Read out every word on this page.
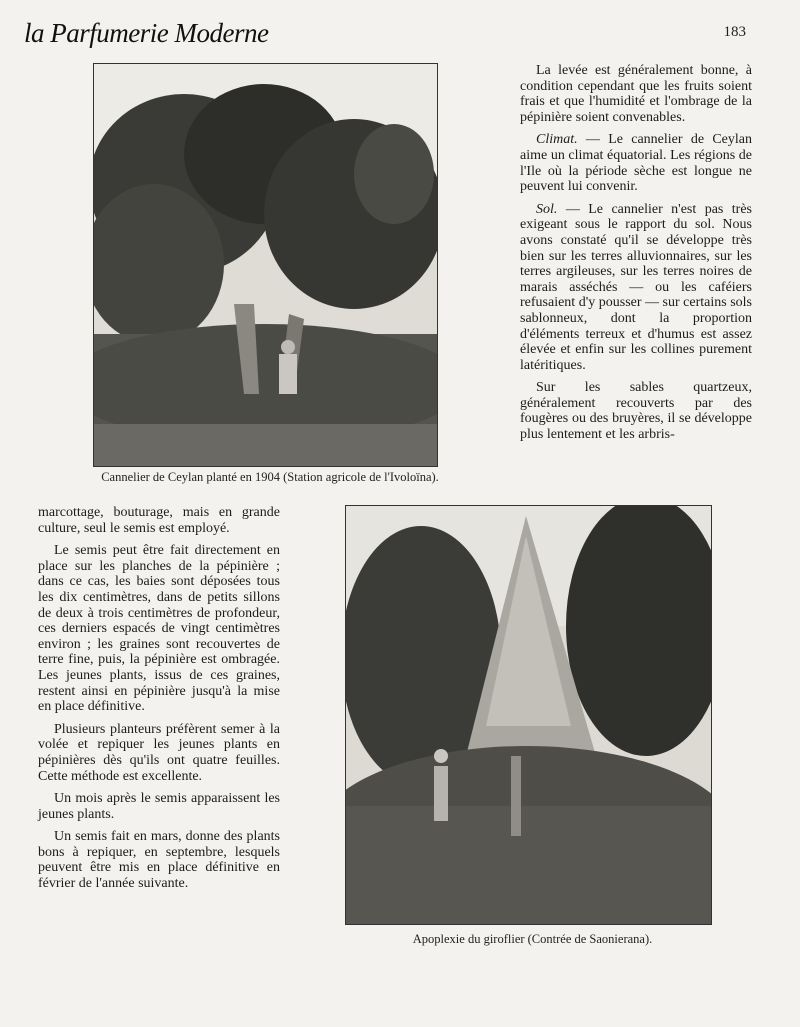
la Parfumerie Moderne	183
Cannelier de Ceylan planté en 1904 (Station agricole de l'Ivoloïna).

La levée est généralement bonne, à condition cependant que les fruits soient frais et que l'humidité et l'ombrage de la pépinière soient convenables.

Climat. — Le cannelier de Ceylan aime un climat équatorial. Les régions de l'Ile où la période sèche est longue ne peuvent lui convenir.

Sol. — Le cannelier n'est pas très exigeant sous le rapport du sol. Nous avons constaté qu'il se développe très bien sur les terres alluvionnaires, sur les terres argileuses, sur les terres noires de marais asséchés — ou les caféiers refusaient d'y pousser — sur certains sols sablonneux, dont la proportion d'éléments terreux et d'humus est assez élevée et enfin sur les collines purement latéritiques.

Sur les sables quartzeux, généralement recouverts par des fougères ou des bruyères, il se développe plus lentement et les arbris-

marcottage, bouturage, mais en grande culture, seul le semis est employé.

Le semis peut être fait directement en place sur les planches de la pépinière ; dans ce cas, les baies sont déposées tous les dix centimètres, dans de petits sillons de deux à trois centimètres de profondeur, ces derniers espacés de vingt centimètres environ ; les graines sont recouvertes de terre fine, puis, la pépinière est ombragée. Les jeunes plants, issus de ces graines, restent ainsi en pépinière jusqu'à la mise en place définitive.

Plusieurs planteurs préfèrent semer à la volée et repiquer les jeunes plants en pépinières dès qu'ils ont quatre feuilles. Cette méthode est excellente.

Un mois après le semis apparaissent les jeunes plants.

Un semis fait en mars, donne des plants bons à repiquer, en septembre, lesquels peuvent être mis en place définitive en février de l'année suivante.

Apoplexie du giroflier (Contrée de Saonierana).
